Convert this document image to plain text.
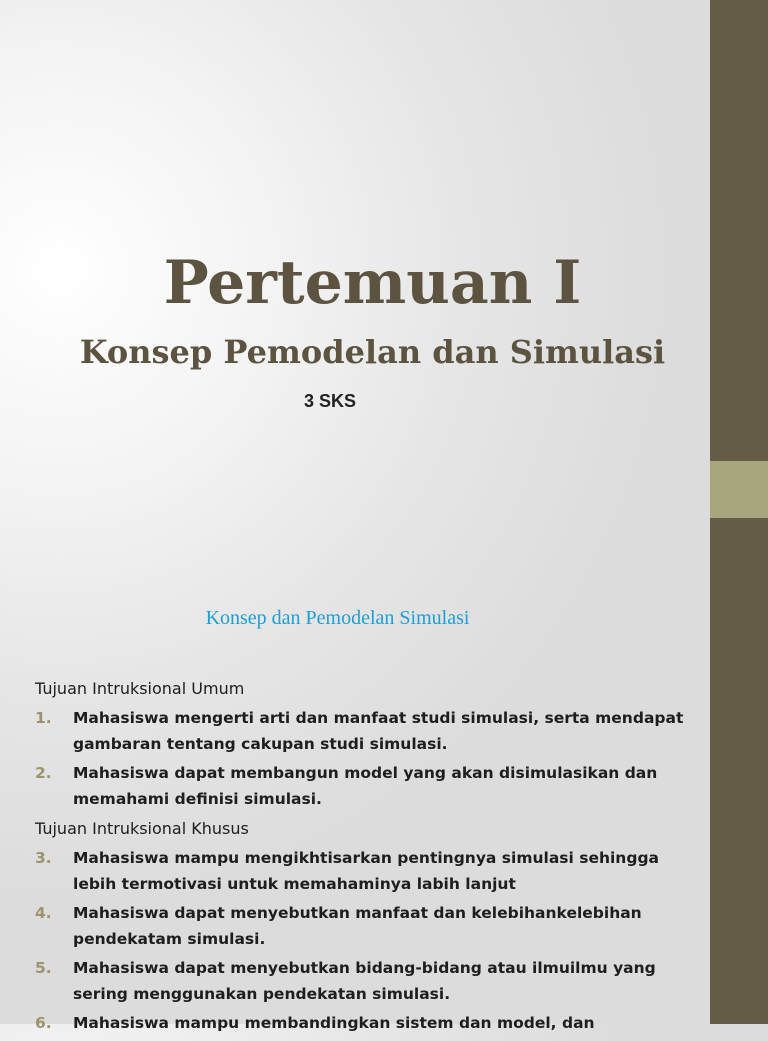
Pertemuan I
Konsep Pemodelan dan Simulasi
3 SKS
Konsep dan Pemodelan Simulasi
Tujuan Intruksional Umum
1. Mahasiswa mengerti arti dan manfaat studi simulasi, serta mendapat gambaran tentang cakupan studi simulasi.
2. Mahasiswa dapat membangun model yang akan disimulasikan dan memahami definisi simulasi.
Tujuan Intruksional Khusus
3. Mahasiswa mampu mengikhtisarkan pentingnya simulasi sehingga lebih termotivasi untuk memahaminya labih lanjut
4. Mahasiswa dapat menyebutkan manfaat dan kelebihankelebihan pendekatam simulasi.
5. Mahasiswa dapat menyebutkan bidang-bidang atau ilmuilmu yang sering menggunakan pendekatan simulasi.
6. Mahasiswa mampu membandingkan sistem dan model, dan
